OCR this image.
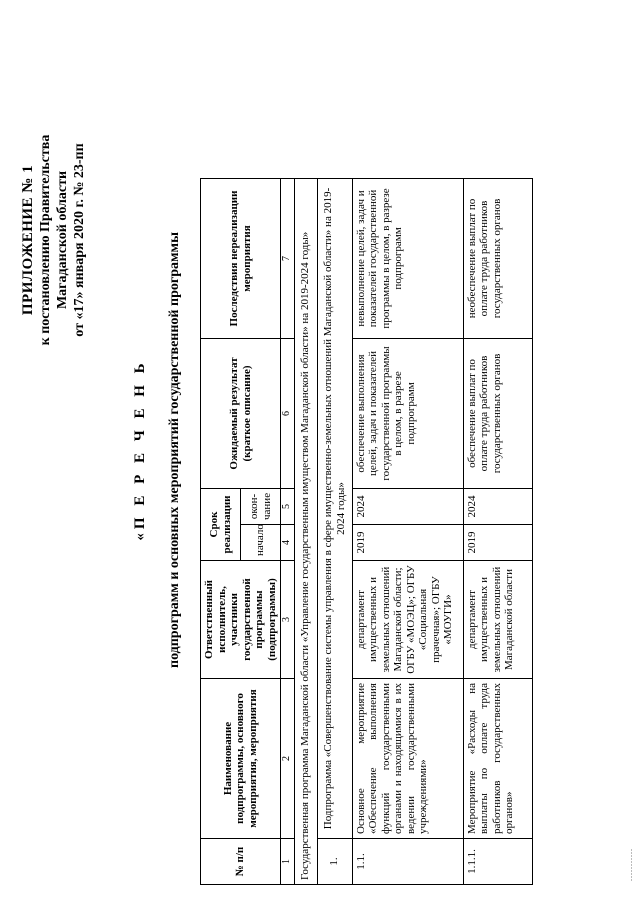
ПРИЛОЖЕНИЕ № 1 к постановлению Правительства Магаданской области от «17» января 2020 г. № 23-пп
«П Е Р Е Ч Е Н Ь подпрограмм и основных мероприятий государственной программы
№ п/п	Наименование подпрограммы, основного мероприятия, мероприятия	Ответственный исполнитель, участники государственной программы (подпрограммы)	Срок реализации		Ожидаемый результат (краткое описание)	Последствия нереализации мероприятия	
			начало	окон- чание			
1	2	3	4	5	6	7	
Государственная программа Магаданской области «Управление государственным имуществом Магаданской области» на 2019-2024 годы»							
1.	Подпрограмма «Совершенствование системы управления в сфере имущественно-земельных отношений Магаданской области» на 2019-2024 годы»						
1.1.	Основное мероприятие «Обеспечение выполнения функций государственными органами и находящимися в их ведении государственными учреждениями»	департамент имущественных и земельных отношений Магаданской области; ОГБУ «МОЭЦ»; ОГБУ «Социальная прачечная»; ОГБУ «МОУГИ»	2019	2024	обеспечение выполнения целей, задач и показателей государственной программы в целом, в разрезе подпрограмм	невыполнение целей, задач и показателей государственной программы в целом, в разрезе подпрограмм	
1.1.1.	Мероприятие «Расходы на выплаты по оплате труда работников государственных органов»	департамент имущественных и земельных отношений Магаданской области	2019	2024	обеспечение выплат по оплате труда работников государственных органов	необеспечение выплат по оплате труда работников государственных органов	
...........
